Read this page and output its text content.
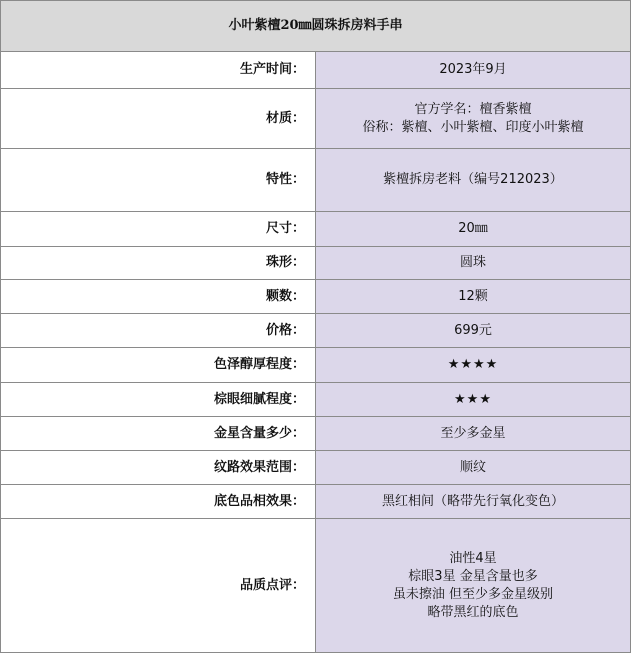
小叶紫檀20㎜圆珠拆房料手串	
生产时间：	2023年9月

材质：	官方学名：檀香紫檀
俗称：紫檀、小叶紫檀、印度小叶紫檀

特性：	紫檀拆房老料（编号212023）

尺寸：	20㎜

珠形：	圆珠

颗数：	12颗

价格：	699元

色泽醇厚程度：	★★★★

棕眼细腻程度：	★★★

金星含量多少：	至少多金星

纹路效果范围：	顺纹

底色品相效果：	黑红相间（略带先行氧化变色）

品质点评：	油性4星
棕眼3星 金星含量也多
虽未擦油 但至少多金星级别
略带黑红的底色
